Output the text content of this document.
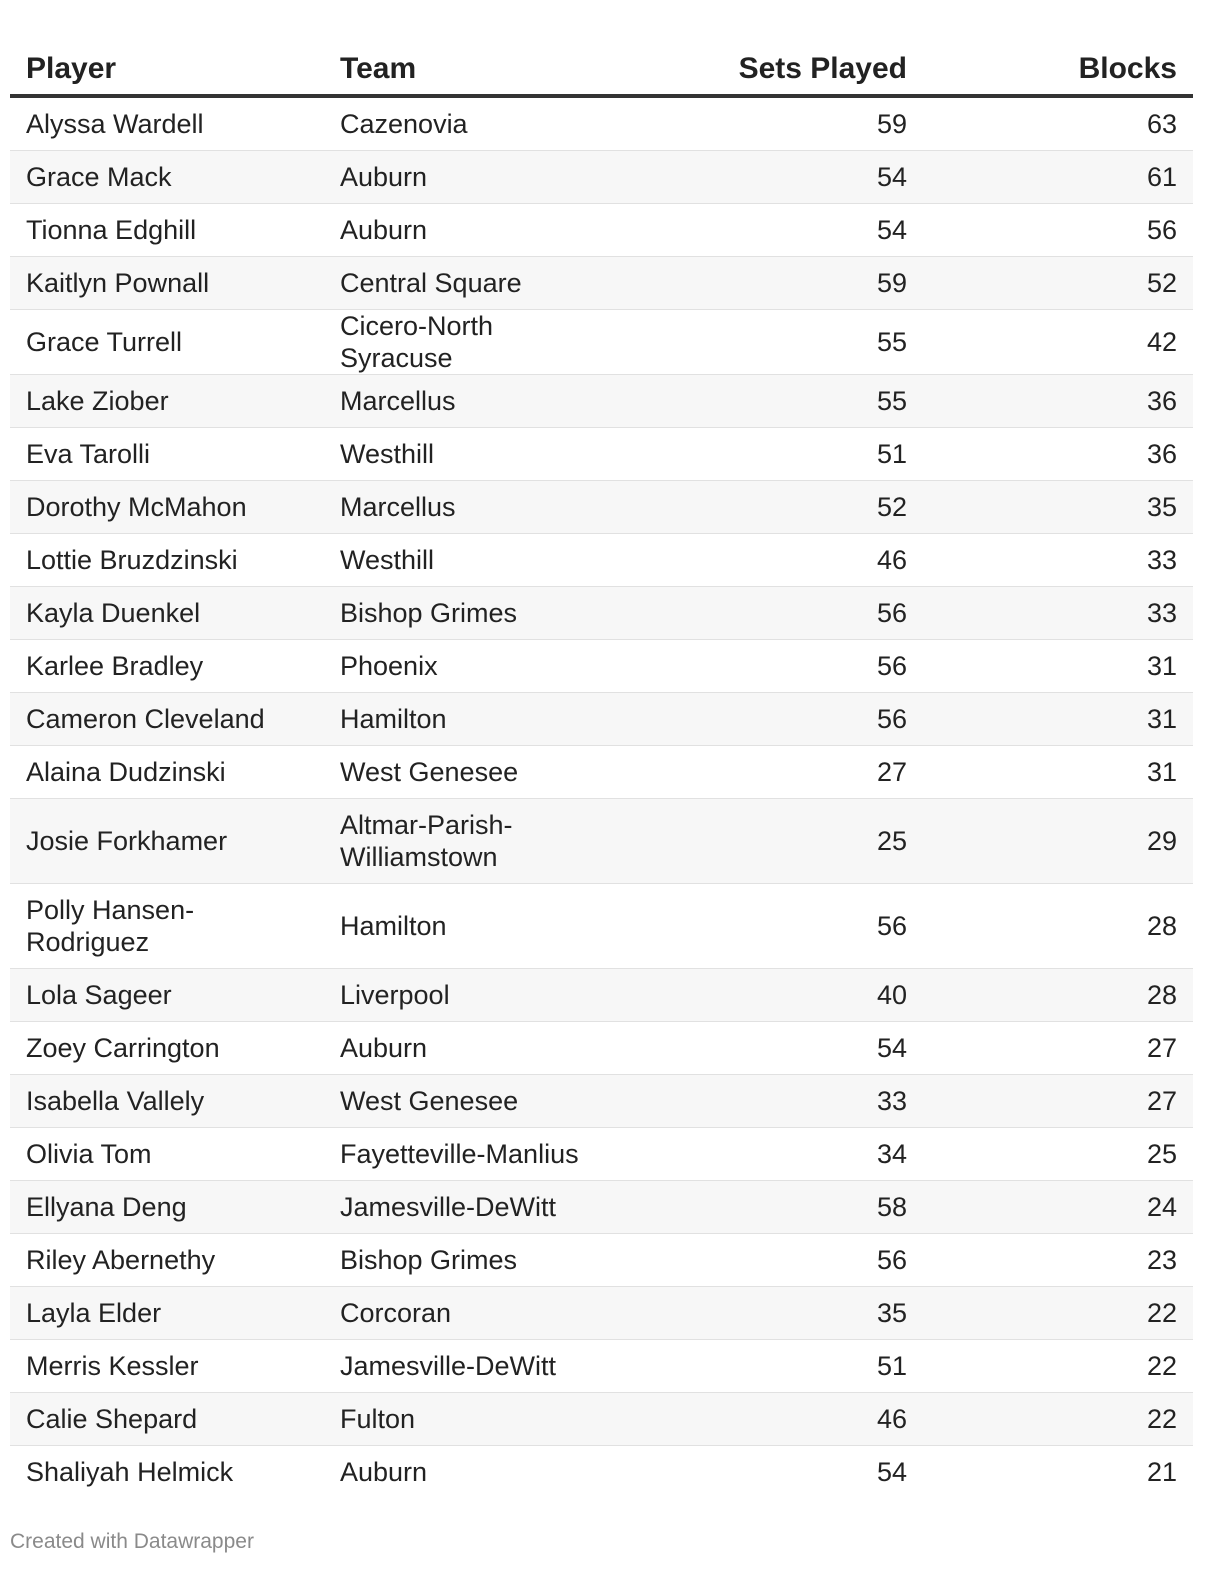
Player	Team	Sets Played	Blocks
Alyssa Wardell	Cazenovia	59	63
Grace Mack	Auburn	54	61
Tionna Edghill	Auburn	54	56
Kaitlyn Pownall	Central Square	59	52
Grace Turrell	Cicero-North Syracuse	55	42
Lake Ziober	Marcellus	55	36
Eva Tarolli	Westhill	51	36
Dorothy McMahon	Marcellus	52	35
Lottie Bruzdzinski	Westhill	46	33
Kayla Duenkel	Bishop Grimes	56	33
Karlee Bradley	Phoenix	56	31
Cameron Cleveland	Hamilton	56	31
Alaina Dudzinski	West Genesee	27	31
Josie Forkhamer	Altmar-Parish-Williamstown	25	29
Polly Hansen-Rodriguez	Hamilton	56	28
Lola Sageer	Liverpool	40	28
Zoey Carrington	Auburn	54	27
Isabella Vallely	West Genesee	33	27
Olivia Tom	Fayetteville-Manlius	34	25
Ellyana Deng	Jamesville-DeWitt	58	24
Riley Abernethy	Bishop Grimes	56	23
Layla Elder	Corcoran	35	22
Merris Kessler	Jamesville-DeWitt	51	22
Calie Shepard	Fulton	46	22
Shaliyah Helmick	Auburn	54	21
Created with Datawrapper
